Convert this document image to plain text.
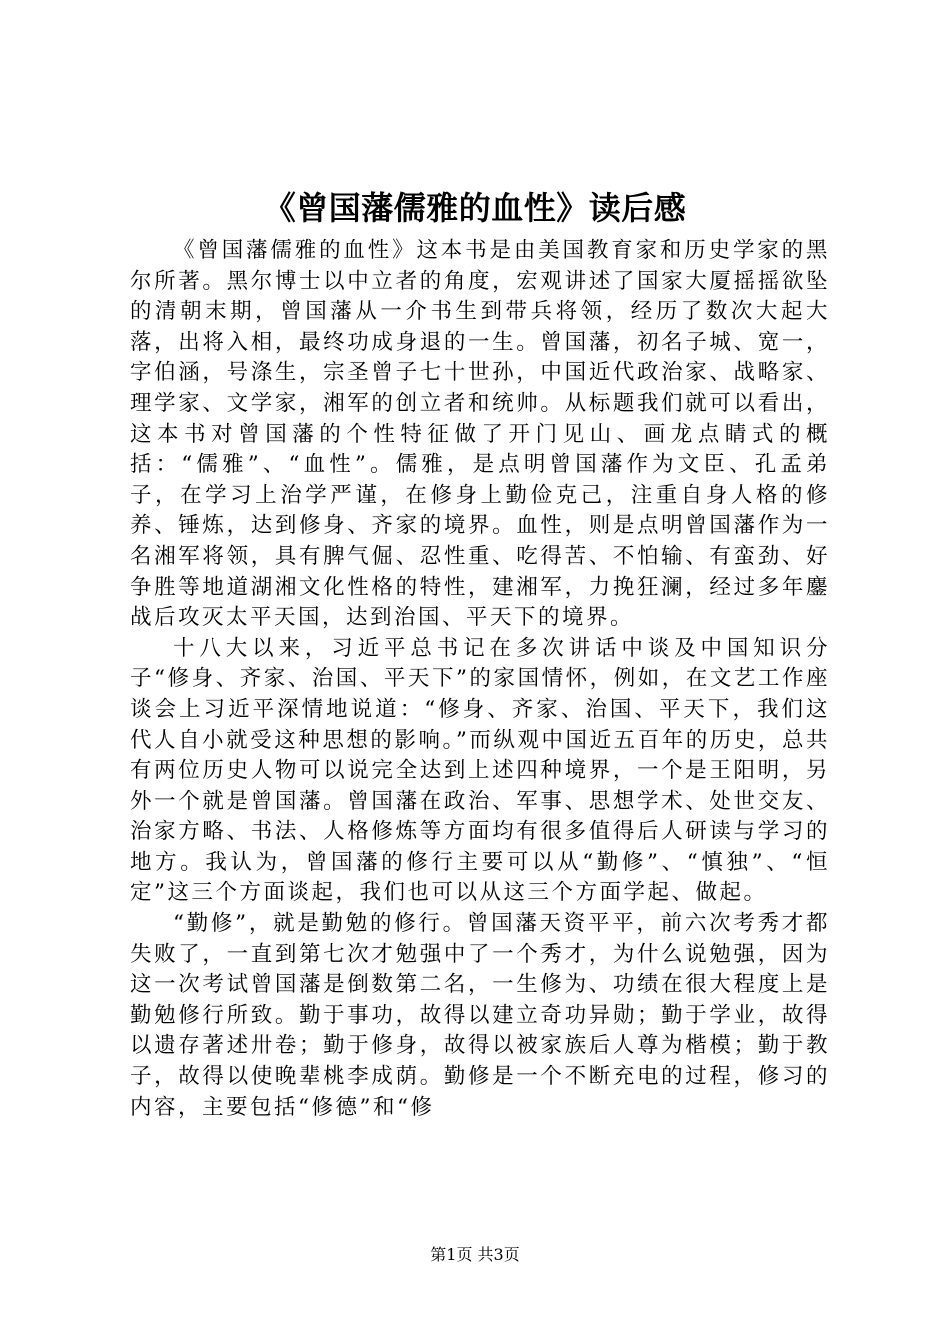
《曾国藩儒雅的血性》读后感

《曾国藩儒雅的血性》这本书是由美国教育家和历史学家的黑尔所著。黑尔博士以中立者的角度，宏观讲述了国家大厦摇摇欲坠的清朝末期，曾国藩从一介书生到带兵将领，经历了数次大起大落，出将入相，最终功成身退的一生。曾国藩，初名子城、宽一，字伯涵，号涤生，宗圣曾子七十世孙，中国近代政治家、战略家、理学家、文学家，湘军的创立者和统帅。从标题我们就可以看出，这本书对曾国藩的个性特征做了开门见山、画龙点睛式的概括：“儒雅”、“血性”。儒雅，是点明曾国藩作为文臣、孔孟弟子，在学习上治学严谨，在修身上勤俭克己，注重自身人格的修养、锤炼，达到修身、齐家的境界。血性，则是点明曾国藩作为一名湘军将领，具有脾气倔、忍性重、吃得苦、不怕输、有蛮劲、好争胜等地道湖湘文化性格的特性，建湘军，力挽狂澜，经过多年鏖战后攻灭太平天国，达到治国、平天下的境界。

十八大以来，习近平总书记在多次讲话中谈及中国知识分子“修身、齐家、治国、平天下”的家国情怀，例如，在文艺工作座谈会上习近平深情地说道：“修身、齐家、治国、平天下，我们这代人自小就受这种思想的影响。”而纵观中国近五百年的历史，总共有两位历史人物可以说完全达到上述四种境界，一个是王阳明，另外一个就是曾国藩。曾国藩在政治、军事、思想学术、处世交友、治家方略、书法、人格修炼等方面均有很多值得后人研读与学习的地方。我认为，曾国藩的修行主要可以从“勤修”、“慎独”、“恒定”这三个方面谈起，我们也可以从这三个方面学起、做起。

“勤修”，就是勤勉的修行。曾国藩天资平平，前六次考秀才都失败了，一直到第七次才勉强中了一个秀才，为什么说勉强，因为这一次考试曾国藩是倒数第二名，一生修为、功绩在很大程度上是勤勉修行所致。勤于事功，故得以建立奇功异勋；勤于学业，故得以遗存著述卅卷；勤于修身，故得以被家族后人尊为楷模；勤于教子，故得以使晚辈桃李成荫。勤修是一个不断充电的过程，修习的内容，主要包括“修德”和“修

第1页 共3页
